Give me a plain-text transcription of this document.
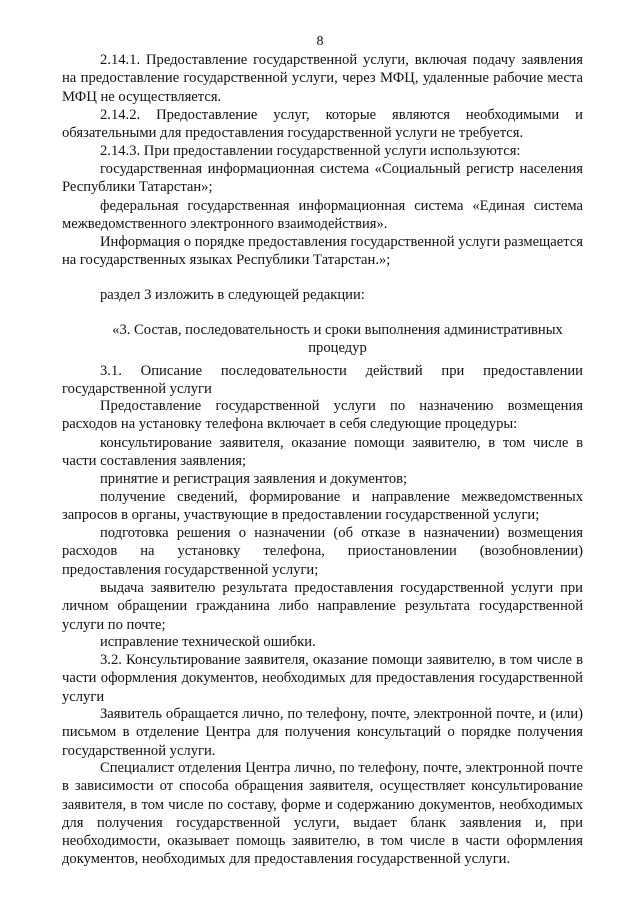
8

2.14.1. Предоставление государственной услуги, включая подачу заявления на предоставление государственной услуги, через МФЦ, удаленные рабочие места МФЦ не осуществляется.

2.14.2. Предоставление услуг, которые являются необходимыми и обязательными для предоставления государственной услуги не требуется.

2.14.3. При предоставлении государственной услуги используются:

государственная информационная система «Социальный регистр населения Республики Татарстан»;

федеральная государственная информационная система «Единая система межведомственного электронного взаимодействия».

Информация о порядке предоставления государственной услуги размещается на государственных языках Республики Татарстан.»;

раздел 3 изложить в следующей редакции:

«3. Состав, последовательность и сроки выполнения административных процедур

3.1. Описание последовательности действий при предоставлении государственной услуги

Предоставление государственной услуги по назначению возмещения расходов на установку телефона включает в себя следующие процедуры:

консультирование заявителя, оказание помощи заявителю, в том числе в части составления заявления;

принятие и регистрация заявления и документов;

получение сведений, формирование и направление межведомственных запросов в органы, участвующие в предоставлении государственной услуги;

подготовка решения о назначении (об отказе в назначении) возмещения расходов на установку телефона, приостановлении (возобновлении) предоставления государственной услуги;

выдача заявителю результата предоставления государственной услуги при личном обращении гражданина либо направление результата государственной услуги по почте;

исправление технической ошибки.

3.2. Консультирование заявителя, оказание помощи заявителю, в том числе в части оформления документов, необходимых для предоставления государственной услуги

Заявитель обращается лично, по телефону, почте, электронной почте, и (или) письмом в отделение Центра для получения консультаций о порядке получения государственной услуги.

Специалист отделения Центра лично, по телефону, почте, электронной почте в зависимости от способа обращения заявителя, осуществляет консультирование заявителя, в том числе по составу, форме и содержанию документов, необходимых для получения государственной услуги, выдает бланк заявления и, при необходимости, оказывает помощь заявителю, в том числе в части оформления документов, необходимых для предоставления государственной услуги.
